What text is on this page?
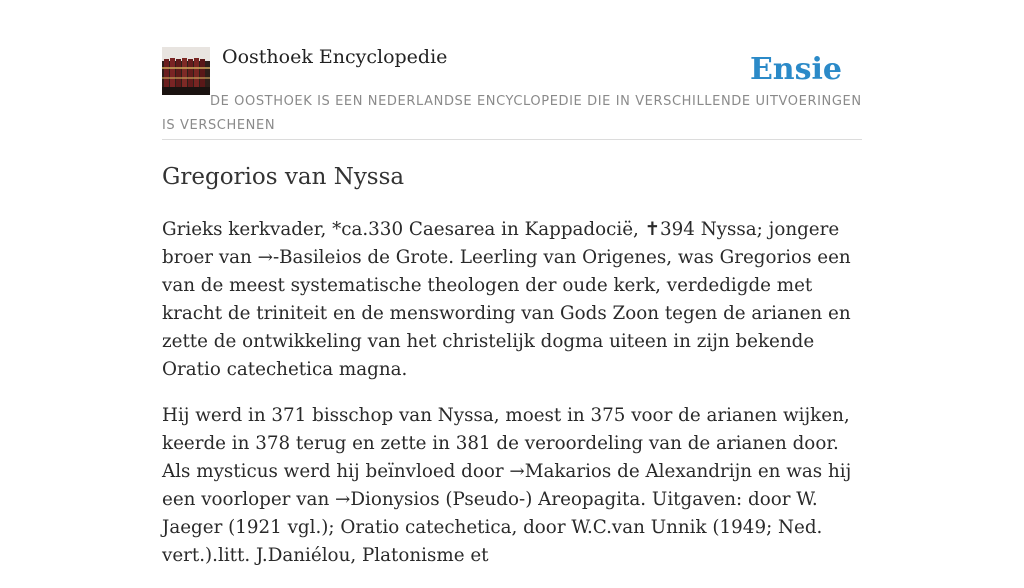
Oosthoek Encyclopedie	Ensie
DE OOSTHOEK IS EEN NEDERLANDSE ENCYCLOPEDIE DIE IN VERSCHILLENDE UITVOERINGEN IS VERSCHENEN
Gregorios van Nyssa

Grieks kerkvader, *ca.330 Caesarea in Kappadocië, ✝394 Nyssa; jongere broer van →-Basileios de Grote. Leerling van Origenes, was Gregorios een van de meest systematische theologen der oude kerk, verdedigde met kracht de triniteit en de menswording van Gods Zoon tegen de arianen en zette de ontwikkeling van het christelijk dogma uiteen in zijn bekende Oratio catechetica magna.

Hij werd in 371 bisschop van Nyssa, moest in 375 voor de arianen wijken, keerde in 378 terug en zette in 381 de veroordeling van de arianen door. Als mysticus werd hij beïnvloed door →Makarios de Alexandrijn en was hij een voorloper van →Dionysios (Pseudo-) Areopagita. Uitgaven: door W. Jaeger (1921 vgl.); Oratio catechetica, door W.C.van Unnik (1949; Ned. vert.).litt. J.Daniélou, Platonisme et
